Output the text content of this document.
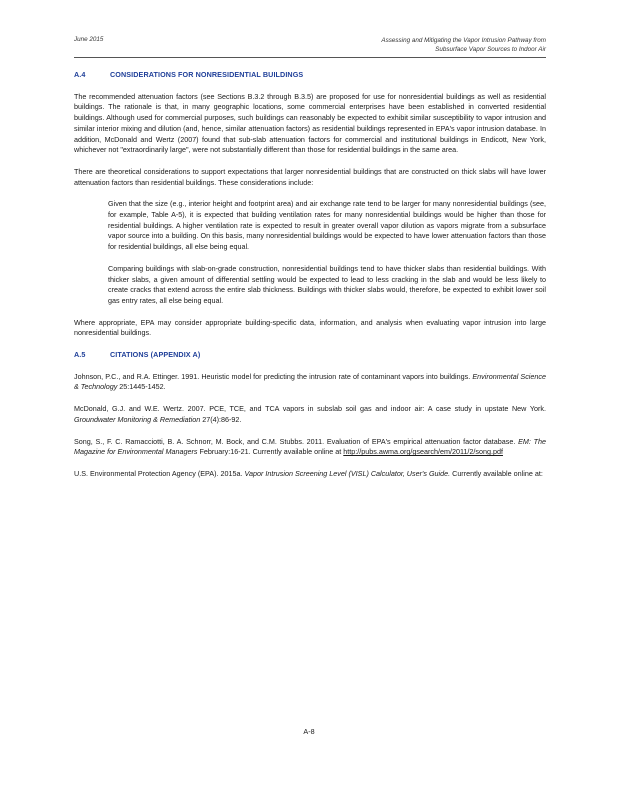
June 2015	Assessing and Mitigating the Vapor Intrusion Pathway from
Subsurface Vapor Sources to Indoor Air
A.4	CONSIDERATIONS FOR NONRESIDENTIAL BUILDINGS

The recommended attenuation factors (see Sections B.3.2 through B.3.5) are proposed for use for nonresidential buildings as well as residential buildings. The rationale is that, in many geographic locations, some commercial enterprises have been established in converted residential buildings. Although used for commercial purposes, such buildings can reasonably be expected to exhibit similar susceptibility to vapor intrusion and similar interior mixing and dilution (and, hence, similar attenuation factors) as residential buildings represented in EPA's vapor intrusion database. In addition, McDonald and Wertz (2007) found that sub-slab attenuation factors for commercial and institutional buildings in Endicott, New York, whichever not "extraordinarily large", were not substantially different than those for residential buildings in the same area.

There are theoretical considerations to support expectations that larger nonresidential buildings that are constructed on thick slabs will have lower attenuation factors than residential buildings. These considerations include:

Given that the size (e.g., interior height and footprint area) and air exchange rate tend to be larger for many nonresidential buildings (see, for example, Table A-5), it is expected that building ventilation rates for many nonresidential buildings would be higher than those for residential buildings. A higher ventilation rate is expected to result in greater overall vapor dilution as vapors migrate from a subsurface vapor source into a building. On this basis, many nonresidential buildings would be expected to have lower attenuation factors than those for residential buildings, all else being equal.
Comparing buildings with slab-on-grade construction, nonresidential buildings tend to have thicker slabs than residential buildings. With thicker slabs, a given amount of differential settling would be expected to lead to less cracking in the slab and would be less likely to create cracks that extend across the entire slab thickness. Buildings with thicker slabs would, therefore, be expected to exhibit lower soil gas entry rates, all else being equal.

Where appropriate, EPA may consider appropriate building-specific data, information, and analysis when evaluating vapor intrusion into large nonresidential buildings.

A.5	CITATIONS (APPENDIX A)

Johnson, P.C., and R.A. Ettinger. 1991. Heuristic model for predicting the intrusion rate of contaminant vapors into buildings. Environmental Science & Technology 25:1445-1452.

McDonald, G.J. and W.E. Wertz. 2007. PCE, TCE, and TCA vapors in subslab soil gas and indoor air: A case study in upstate New York. Groundwater Monitoring & Remediation 27(4):86-92.

Song, S., F. C. Ramacciotti, B. A. Schnorr, M. Bock, and C.M. Stubbs. 2011. Evaluation of EPA's empirical attenuation factor database. EM: The Magazine for Environmental Managers February:16-21. Currently available online at http://pubs.awma.org/gsearch/em/2011/2/song.pdf

U.S. Environmental Protection Agency (EPA). 2015a. Vapor Intrusion Screening Level (VISL) Calculator, User's Guide. Currently available online at:

A-8
